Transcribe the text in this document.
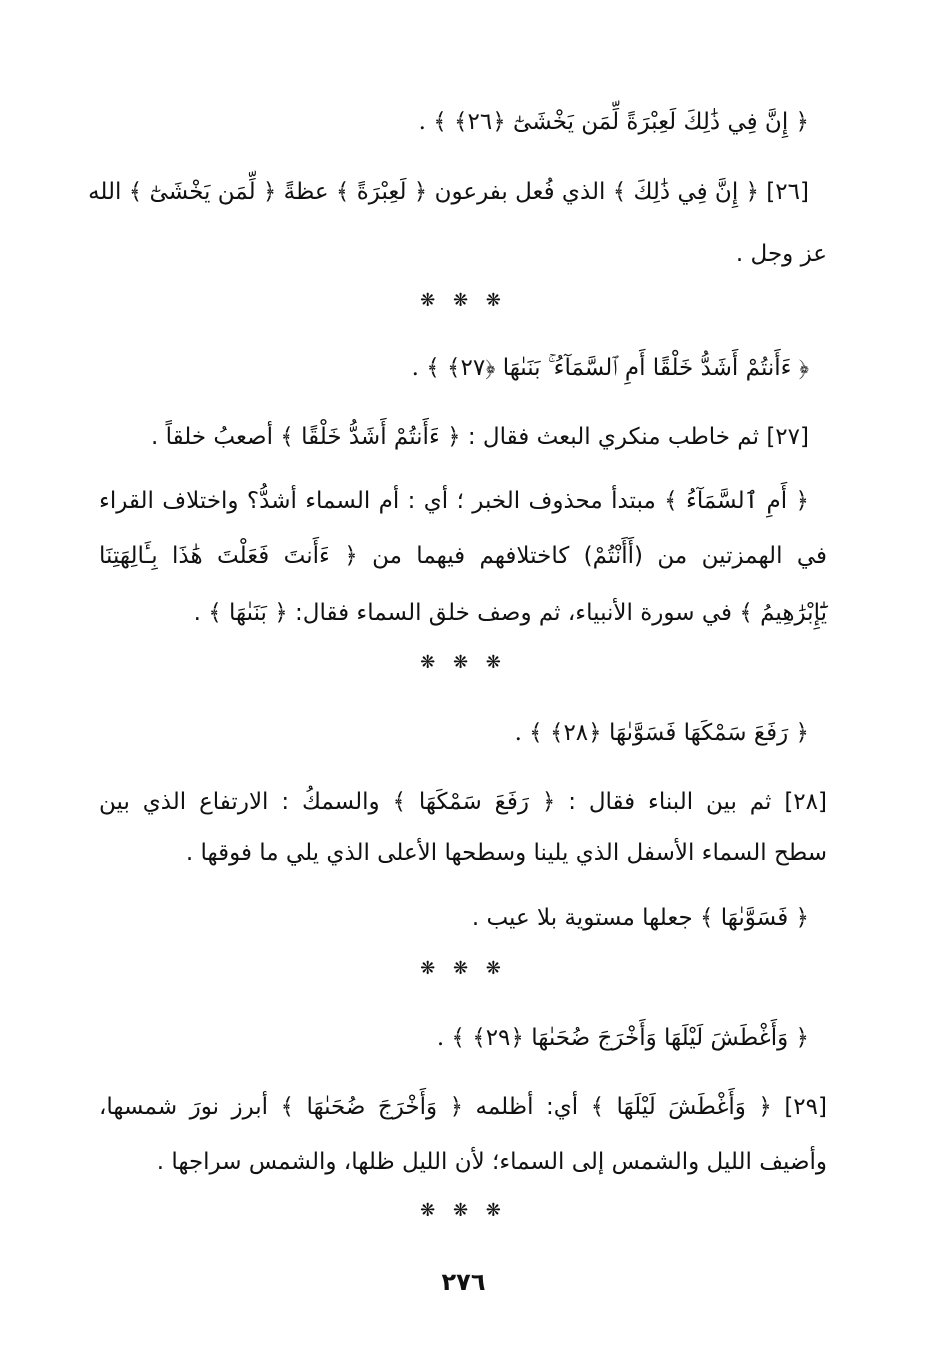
﴿ إِنَّ فِي ذَٰلِكَ لَعِبْرَةً لِّمَن يَخْشَىٰٓ ﴿٢٦﴾ ﴾ .
[٢٦] ﴿ إِنَّ فِي ذَٰلِكَ ﴾ الذي فُعل بفرعون ﴿ لَعِبْرَةً ﴾ عظةً ﴿ لِّمَن يَخْشَىٰٓ ﴾ الله
عز وجل .
❋ ❋ ❋
﴿ ءَأَنتُمْ أَشَدُّ خَلْقًا أَمِ ٱلسَّمَآءُ ۚ بَنَىٰهَا ﴿٢٧﴾ ﴾ .
[٢٧] ثم خاطب منكري البعث فقال : ﴿ ءَأَنتُمْ أَشَدُّ خَلْقًا ﴾ أصعبُ خلقاً .
﴿ أَمِ ٱلسَّمَآءُ ﴾ مبتدأ محذوف الخبر ؛ أي : أم السماء أشدُّ؟ واختلاف القراء
في الهمزتين من (أَأَنْتُمْ) كاختلافهم فيهما من ﴿ ءَأَنتَ فَعَلْتَ هَٰذَا بِـَٔالِهَتِنَا
يَٰٓإِبْرَٰهِيمُ ﴾ في سورة الأنبياء، ثم وصف خلق السماء فقال: ﴿ بَنَىٰهَا ﴾ .
❋ ❋ ❋
﴿ رَفَعَ سَمْكَهَا فَسَوَّىٰهَا ﴿٢٨﴾ ﴾ .
[٢٨] ثم بين البناء فقال : ﴿ رَفَعَ سَمْكَهَا ﴾ والسمكُ : الارتفاع الذي بين
سطح السماء الأسفل الذي يلينا وسطحها الأعلى الذي يلي ما فوقها .
﴿ فَسَوَّىٰهَا ﴾ جعلها مستوية بلا عيب .
❋ ❋ ❋
﴿ وَأَغْطَشَ لَيْلَهَا وَأَخْرَجَ ضُحَىٰهَا ﴿٢٩﴾ ﴾ .
[٢٩] ﴿ وَأَغْطَشَ لَيْلَهَا ﴾ أي: أظلمه ﴿ وَأَخْرَجَ ضُحَىٰهَا ﴾ أبرز نورَ شمسها،
وأضيف الليل والشمس إلى السماء؛ لأن الليل ظلها، والشمس سراجها .
❋ ❋ ❋
٢٧٦
